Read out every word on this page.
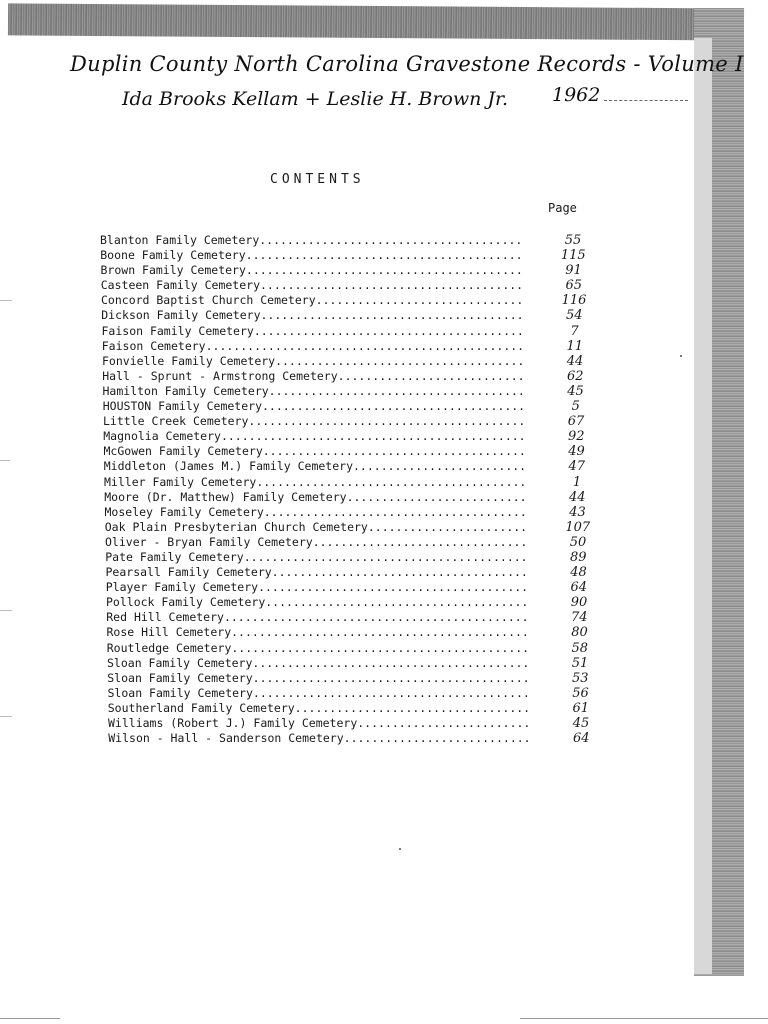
Duplin County North Carolina Gravestone Records - Volume I
Ida Brooks Kellam + Leslie H. Brown Jr. 1962
CONTENTS
Page
Blanton Family Cemetery......................................	55
Boone Family Cemetery........................................	115
Brown Family Cemetery........................................	91
Casteen Family Cemetery......................................	65
Concord Baptist Church Cemetery..............................	116
Dickson Family Cemetery......................................	54
Faison Family Cemetery.......................................	7
Faison Cemetery..............................................	11
Fonvielle Family Cemetery....................................	44
Hall - Sprunt - Armstrong Cemetery...........................	62
Hamilton Family Cemetery.....................................	45
HOUSTON Family Cemetery......................................	5
Little Creek Cemetery........................................	67
Magnolia Cemetery............................................	92
McGowen Family Cemetery......................................	49
Middleton (James M.) Family Cemetery.........................	47
Miller Family Cemetery.......................................	1
Moore (Dr. Matthew) Family Cemetery..........................	44
Moseley Family Cemetery......................................	43
Oak Plain Presbyterian Church Cemetery.......................	107
Oliver - Bryan Family Cemetery...............................	50
Pate Family Cemetery.........................................	89
Pearsall Family Cemetery.....................................	48
Player Family Cemetery.......................................	64
Pollock Family Cemetery......................................	90
Red Hill Cemetery............................................	74
Rose Hill Cemetery...........................................	80
Routledge Cemetery...........................................	58
Sloan Family Cemetery........................................	51
Sloan Family Cemetery........................................	53
Sloan Family Cemetery........................................	56
Southerland Family Cemetery..................................	61
Williams (Robert J.) Family Cemetery.........................	45
Wilson - Hall - Sanderson Cemetery...........................	64
